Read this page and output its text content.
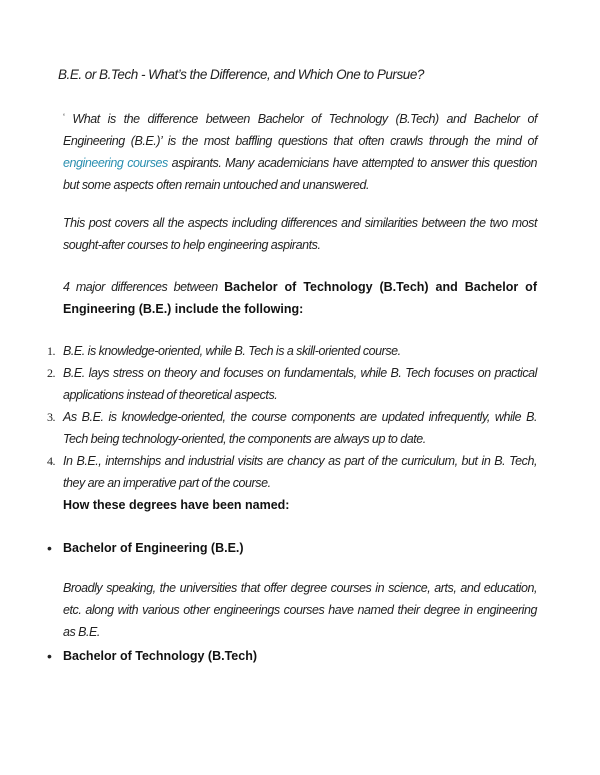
B.E. or B.Tech - What’s the Difference, and Which One to Pursue?
‘ What is the difference between Bachelor of Technology (B.Tech) and Bachelor of Engineering (B.E.)’ is the most baffling questions that often crawls through the mind of engineering courses aspirants. Many academicians have attempted to answer this question but some aspects often remain untouched and unanswered.
This post covers all the aspects including differences and similarities between the two most sought-after courses to help engineering aspirants.
4 major differences between Bachelor of Technology (B.Tech) and Bachelor of Engineering (B.E.) include the following:
1. B.E. is knowledge-oriented, while B. Tech is a skill-oriented course.
2. B.E. lays stress on theory and focuses on fundamentals, while B. Tech focuses on practical applications instead of theoretical aspects.
3. As B.E. is knowledge-oriented, the course components are updated infrequently, while B. Tech being technology-oriented, the components are always up to date.
4. In B.E., internships and industrial visits are chancy as part of the curriculum, but in B. Tech, they are an imperative part of the course.
How these degrees have been named:
• Bachelor of Engineering (B.E.)
Broadly speaking, the universities that offer degree courses in science, arts, and education, etc. along with various other engineerings courses have named their degree in engineering as B.E.
• Bachelor of Technology (B.Tech)
